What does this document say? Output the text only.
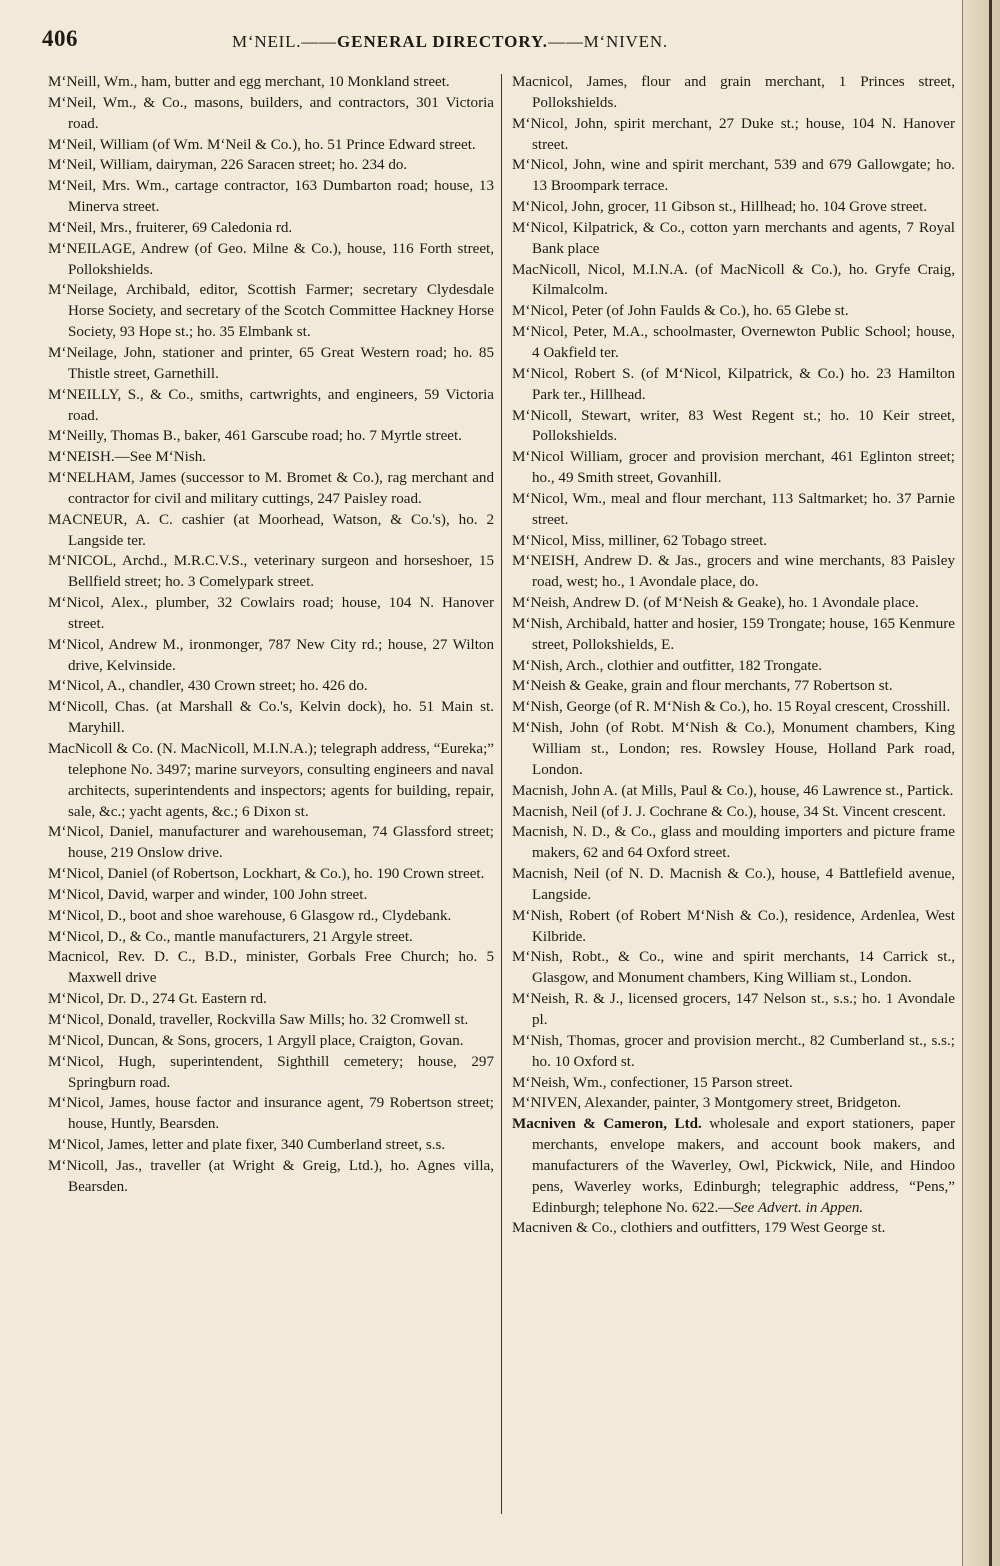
406	M‘NEIL.——GENERAL DIRECTORY.——M‘NIVEN.
M‘Neill, Wm., ham, butter and egg merchant, 10 Monkland street.
M‘Neil, Wm., & Co., masons, builders, and contractors, 301 Victoria road.
M‘Neil, William (of Wm. M‘Neil & Co.), ho. 51 Prince Edward street.
M‘Neil, William, dairyman, 226 Saracen street; ho. 234 do.
M‘Neil, Mrs. Wm., cartage contractor, 163 Dumbarton road; house, 13 Minerva street.
M‘Neil, Mrs., fruiterer, 69 Caledonia rd.
M‘NEILAGE, Andrew (of Geo. Milne & Co.), house, 116 Forth street, Pollokshields.
M‘Neilage, Archibald, editor, Scottish Farmer; secretary Clydesdale Horse Society, and secretary of the Scotch Committee Hackney Horse Society, 93 Hope st.; ho. 35 Elmbank st.
M‘Neilage, John, stationer and printer, 65 Great Western road; ho. 85 Thistle street, Garnethill.
M‘NEILLY, S., & Co., smiths, cartwrights, and engineers, 59 Victoria road.
M‘Neilly, Thomas B., baker, 461 Garscube road; ho. 7 Myrtle street.
M‘NEISH.—See M‘Nish.
M‘NELHAM, James (successor to M. Bromet & Co.), rag merchant and contractor for civil and military cuttings, 247 Paisley road.
MACNEUR, A. C. cashier (at Moorhead, Watson, & Co.'s), ho. 2 Langside ter.
M‘NICOL, Archd., M.R.C.V.S., veterinary surgeon and horseshoer, 15 Bellfield street; ho. 3 Comelypark street.
M‘Nicol, Alex., plumber, 32 Cowlairs road; house, 104 N. Hanover street.
M‘Nicol, Andrew M., ironmonger, 787 New City rd.; house, 27 Wilton drive, Kelvinside.
M‘Nicol, A., chandler, 430 Crown street; ho. 426 do.
M‘Nicoll, Chas. (at Marshall & Co.'s, Kelvin dock), ho. 51 Main st. Maryhill.
MacNicoll & Co. (N. MacNicoll, M.I.N.A.); telegraph address, “Eureka;” telephone No. 3497; marine surveyors, consulting engineers and naval architects, superintendents and inspectors; agents for building, repair, sale, &c.; yacht agents, &c.; 6 Dixon st.
M‘Nicol, Daniel, manufacturer and warehouseman, 74 Glassford street; house, 219 Onslow drive.
M‘Nicol, Daniel (of Robertson, Lockhart, & Co.), ho. 190 Crown street.
M‘Nicol, David, warper and winder, 100 John street.
M‘Nicol, D., boot and shoe warehouse, 6 Glasgow rd., Clydebank.
M‘Nicol, D., & Co., mantle manufacturers, 21 Argyle street.
Macnicol, Rev. D. C., B.D., minister, Gorbals Free Church; ho. 5 Maxwell drive
M‘Nicol, Dr. D., 274 Gt. Eastern rd.
M‘Nicol, Donald, traveller, Rockvilla Saw Mills; ho. 32 Cromwell st.
M‘Nicol, Duncan, & Sons, grocers, 1 Argyll place, Craigton, Govan.
M‘Nicol, Hugh, superintendent, Sighthill cemetery; house, 297 Springburn road.
M‘Nicol, James, house factor and insurance agent, 79 Robertson street; house, Huntly, Bearsden.
M‘Nicol, James, letter and plate fixer, 340 Cumberland street, s.s.
M‘Nicoll, Jas., traveller (at Wright & Greig, Ltd.), ho. Agnes villa, Bearsden.
Macnicol, James, flour and grain merchant, 1 Princes street, Pollokshields.
M‘Nicol, John, spirit merchant, 27 Duke st.; house, 104 N. Hanover street.
M‘Nicol, John, wine and spirit merchant, 539 and 679 Gallowgate; ho. 13 Broompark terrace.
M‘Nicol, John, grocer, 11 Gibson st., Hillhead; ho. 104 Grove street.
M‘Nicol, Kilpatrick, & Co., cotton yarn merchants and agents, 7 Royal Bank place
MacNicoll, Nicol, M.I.N.A. (of MacNicoll & Co.), ho. Gryfe Craig, Kilmalcolm.
M‘Nicol, Peter (of John Faulds & Co.), ho. 65 Glebe st.
M‘Nicol, Peter, M.A., schoolmaster, Overnewton Public School; house, 4 Oakfield ter.
M‘Nicol, Robert S. (of M‘Nicol, Kilpatrick, & Co.) ho. 23 Hamilton Park ter., Hillhead.
M‘Nicoll, Stewart, writer, 83 West Regent st.; ho. 10 Keir street, Pollokshields.
M‘Nicol William, grocer and provision merchant, 461 Eglinton street; ho., 49 Smith street, Govanhill.
M‘Nicol, Wm., meal and flour merchant, 113 Saltmarket; ho. 37 Parnie street.
M‘Nicol, Miss, milliner, 62 Tobago street.
M‘NEISH, Andrew D. & Jas., grocers and wine merchants, 83 Paisley road, west; ho., 1 Avondale place, do.
M‘Neish, Andrew D. (of M‘Neish & Geake), ho. 1 Avondale place.
M‘Nish, Archibald, hatter and hosier, 159 Trongate; house, 165 Kenmure street, Pollokshields, E.
M‘Nish, Arch., clothier and outfitter, 182 Trongate.
M‘Neish & Geake, grain and flour merchants, 77 Robertson st.
M‘Nish, George (of R. M‘Nish & Co.), ho. 15 Royal crescent, Crosshill.
M‘Nish, John (of Robt. M‘Nish & Co.), Monument chambers, King William st., London; res. Rowsley House, Holland Park road, London.
Macnish, John A. (at Mills, Paul & Co.), house, 46 Lawrence st., Partick.
Macnish, Neil (of J. J. Cochrane & Co.), house, 34 St. Vincent crescent.
Macnish, N. D., & Co., glass and moulding importers and picture frame makers, 62 and 64 Oxford street.
Macnish, Neil (of N. D. Macnish & Co.), house, 4 Battlefield avenue, Langside.
M‘Nish, Robert (of Robert M‘Nish & Co.), residence, Ardenlea, West Kilbride.
M‘Nish, Robt., & Co., wine and spirit merchants, 14 Carrick st., Glasgow, and Monument chambers, King William st., London.
M‘Neish, R. & J., licensed grocers, 147 Nelson st., s.s.; ho. 1 Avondale pl.
M‘Nish, Thomas, grocer and provision mercht., 82 Cumberland st., s.s.; ho. 10 Oxford st.
M‘Neish, Wm., confectioner, 15 Parson street.
M‘NIVEN, Alexander, painter, 3 Montgomery street, Bridgeton.
Macniven & Cameron, Ltd. wholesale and export stationers, paper merchants, envelope makers, and account book makers, and manufacturers of the Waverley, Owl, Pickwick, Nile, and Hindoo pens, Waverley works, Edinburgh; telegraphic address, “Pens,” Edinburgh; telephone No. 622.—See Advert. in Appen.
Macniven & Co., clothiers and outfitters, 179 West George st.
